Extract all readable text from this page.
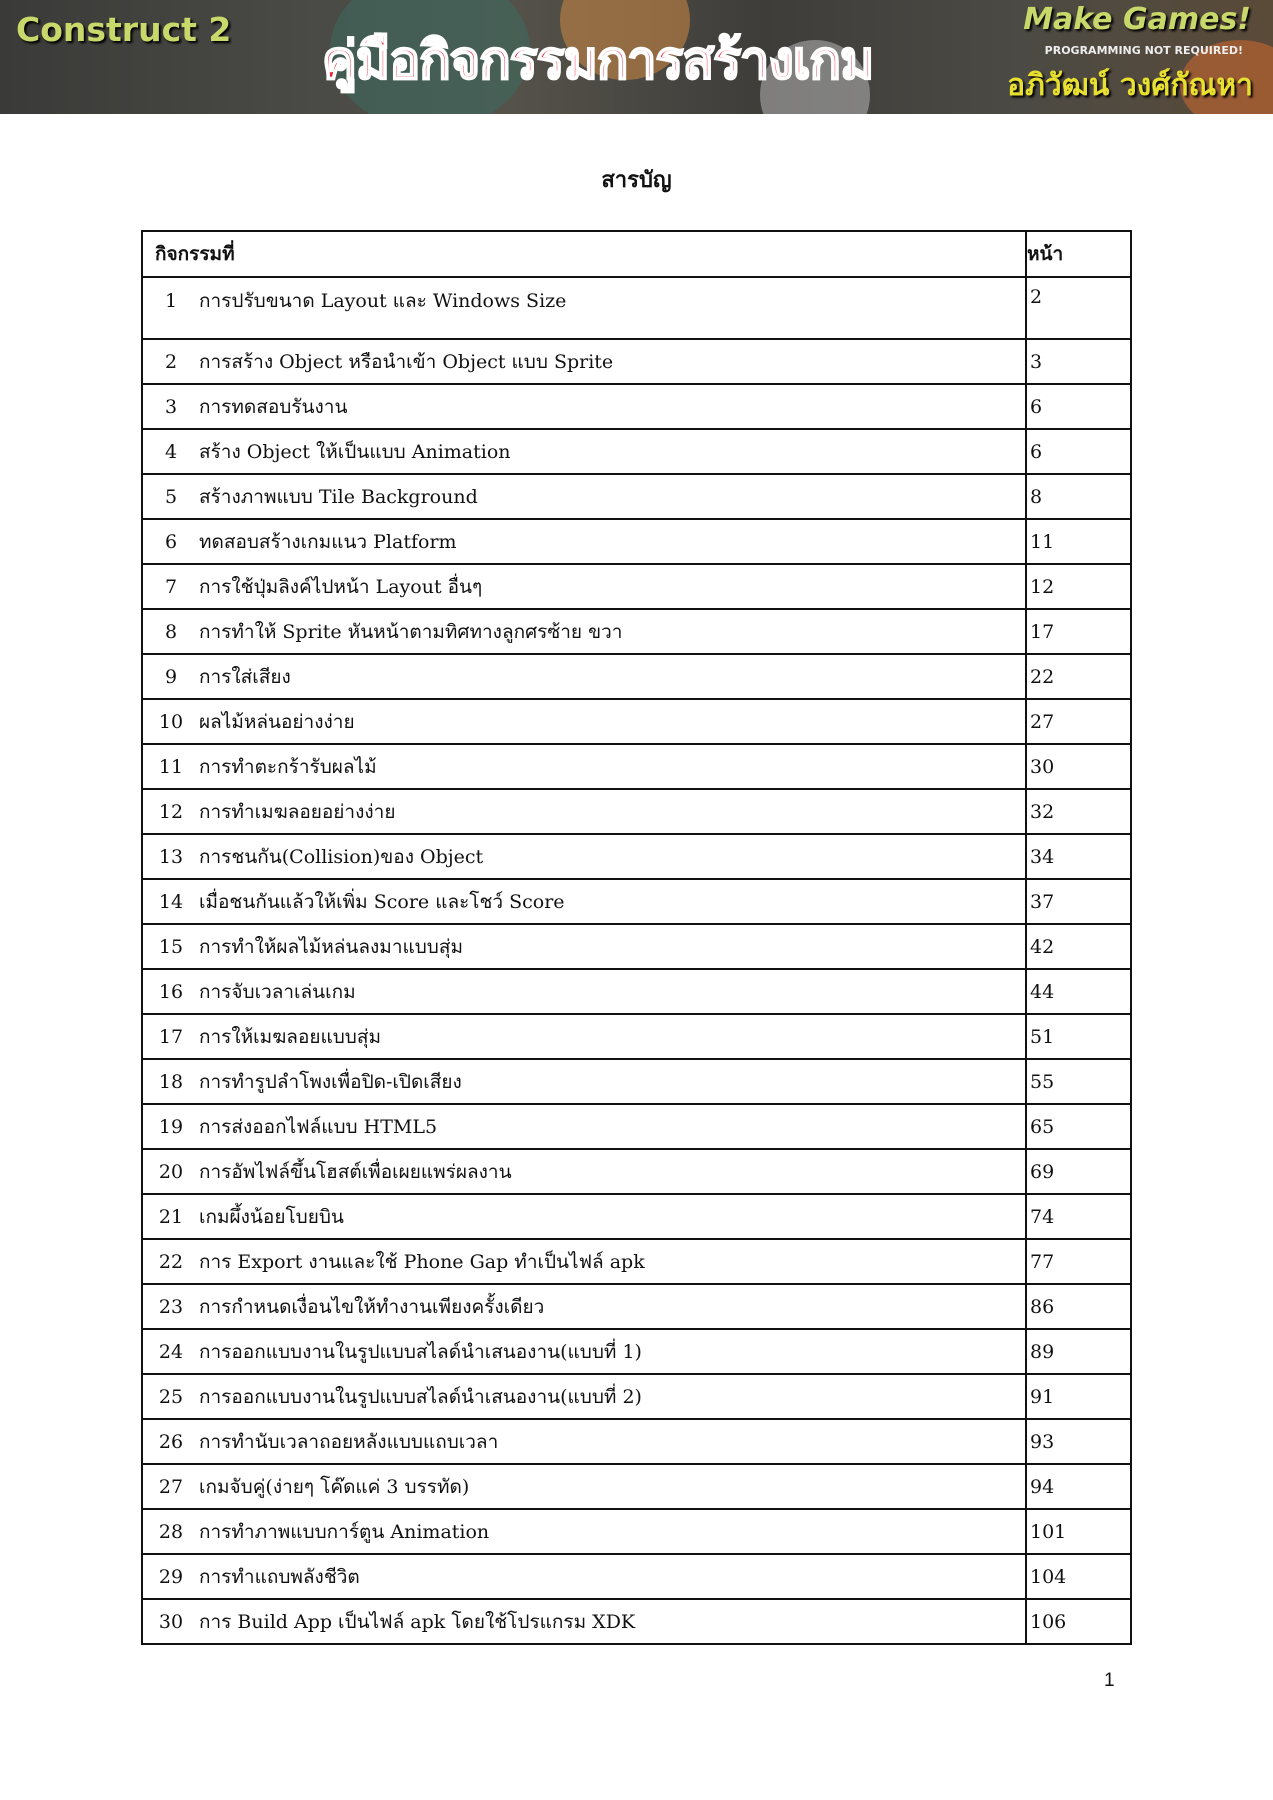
Construct 2
คู่มือกิจกรรมการสร้างเกม
Make Games!
PROGRAMMING NOT REQUIRED!
อภิวัฒน์ วงศ์กัณหา
สารบัญ
กิจกรรมที่	หน้า
1 การปรับขนาด Layout และ Windows Size	2
2 การสร้าง Object หรือนำเข้า Object แบบ Sprite	3
3 การทดสอบรันงาน	6
4 สร้าง Object ให้เป็นแบบ Animation	6
5 สร้างภาพแบบ Tile Background	8
6 ทดสอบสร้างเกมแนว Platform	11
7 การใช้ปุ่มลิงค์ไปหน้า Layout อื่นๆ	12
8 การทำให้ Sprite หันหน้าตามทิศทางลูกศรซ้าย ขวา	17
9 การใส่เสียง	22
10 ผลไม้หล่นอย่างง่าย	27
11 การทำตะกร้ารับผลไม้	30
12 การทำเมฆลอยอย่างง่าย	32
13 การชนกัน(Collision)ของ Object	34
14 เมื่อชนกันแล้วให้เพิ่ม Score และโชว์ Score	37
15 การทำให้ผลไม้หล่นลงมาแบบสุ่ม	42
16 การจับเวลาเล่นเกม	44
17 การให้เมฆลอยแบบสุ่ม	51
18 การทำรูปลำโพงเพื่อปิด-เปิดเสียง	55
19 การส่งออกไฟล์แบบ HTML5	65
20 การอัพไฟล์ขึ้นโฮสต์เพื่อเผยแพร่ผลงาน	69
21 เกมผึ้งน้อยโบยบิน	74
22 การ Export งานและใช้ Phone Gap ทำเป็นไฟล์ apk	77
23 การกำหนดเงื่อนไขให้ทำงานเพียงครั้งเดียว	86
24 การออกแบบงานในรูปแบบสไลด์นำเสนองาน(แบบที่ 1)	89
25 การออกแบบงานในรูปแบบสไลด์นำเสนองาน(แบบที่ 2)	91
26 การทำนับเวลาถอยหลังแบบแถบเวลา	93
27 เกมจับคู่(ง่ายๆ โค๊ดแค่ 3 บรรทัด)	94
28 การทำภาพแบบการ์ตูน Animation	101
29 การทำแถบพลังชีวิต	104
30 การ Build App เป็นไฟล์ apk โดยใช้โปรแกรม XDK	106
1
